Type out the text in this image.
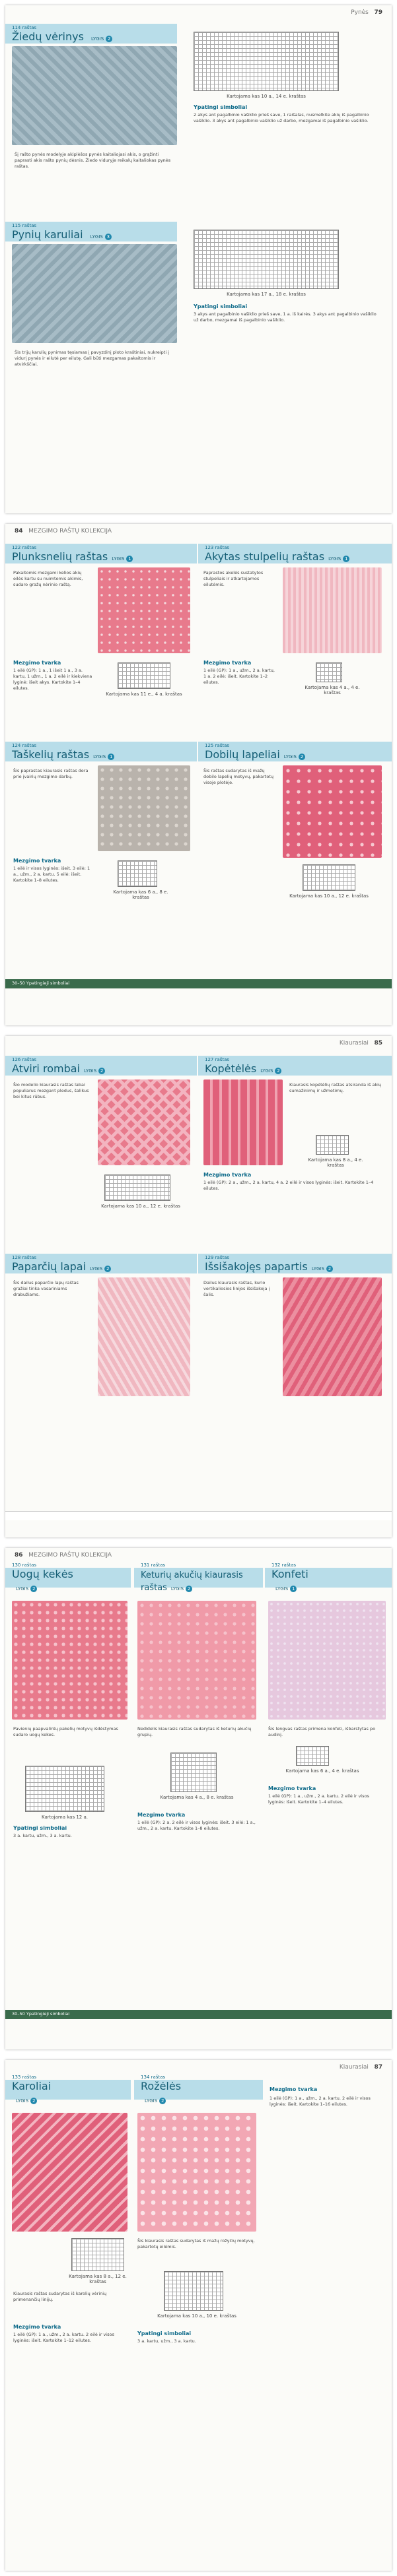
Pynės 79
114 raštas
Žiedų vėrinys LYGIS 2
Kartojama kas 10 a., 14 e. kraštas
Šį rašto pynės modelyje akiplėšos pynės kaitaliojasi akis, o grąžinti paprasti akis rašto pynių dėsnis. Žiedo viduryje reikalų kaitaliokas pynės raštas.
Ypatingi simboliai
2 akys ant pagalbinio vašiklio prieš save, 1 raišalas, nusmelkite akių iš pagalbinio vašiklio. 3 akys ant pagalbinio vašiklio už darbo, mezgamai iš pagalbinio vašiklio.
115 raštas
Pynių karuliai LYGIS 3
Kartojama kas 17 a., 18 e. kraštas
Ypatingi simboliai
3 akys ant pagalbinio vašiklio prieš save, 1 a. iš kairės. 3 akys ant pagalbinio vašiklio už darbo, mezgamai iš pagalbinio vašiklio.
Šis trijų karulių pynimas tęsiamas į pavyzdinį ploto kraštiniai, nukreipti į vidurį pynės ir eilutė per eilutę. Gali būti mezgamas pakaitomis ir atvirkščiai.
84 MEZGIMO RAŠTŲ KOLEKCIJA
122 raštas
Plunksnelių raštas LYGIS 1
Pakaitomis mezgami kelios akių eilės kartu su nuimtomis akimis, sudaro gražų nėrinio raštą.
Mezgimo tvarka
1 eilė (GP): 1 a., 1 išeit 1 a., 3 a. kartu, 1 užm., 1 a. 2 eilė ir kiekviena lyginė: išeit akys. Kartokite 1–4 eilutes.
Kartojama kas 11 e., 4 a. kraštas
123 raštas
Akytas stulpelių raštas LYGIS 1
Paprastos akelės sustatytos stulpeliais ir atkartojamos eilutėmis.
Mezgimo tvarka
1 eilė (GP): 1 a., užm., 2 a. kartu, 1 a. 2 eilė: išeit. Kartokite 1–2 eilutes.
Kartojama kas 4 a., 4 e. kraštas
124 raštas
Taškelių raštas LYGIS 1
Šis paprastas kiaurasis raštas dera prie įvairių mezgimo darbų.
Mezgimo tvarka
1 eilė ir visos lyginės: išeit. 3 eilė: 1 a., užm., 2 a. kartu. 5 eilė: išeit. Kartokite 1–8 eilutes.
Kartojama kas 6 a., 8 e. kraštas
125 raštas
Dobilų lapeliai LYGIS 2
Šis raštas sudarytas iš mažų dobilo lapelių motyvų, pakartotų visoje plotėje.
Kartojama kas 10 a., 12 e. kraštas
30–50 Ypatingieji simboliai
Kiaurasiai 85
126 raštas
Atviri rombai LYGIS 2
Šio modelio kiaurasis raštas labai populiarus mezgant pledus, šalikus bei kitus rūbus.
Kartojama kas 10 a., 12 e. kraštas
127 raštas
Kopėtėlės LYGIS 2
Kiaurasis kopėtėlių raštas atsiranda iš akių sumažinimų ir užmetimų.
Kartojama kas 8 a., 4 e. kraštas
Mezgimo tvarka
1 eilė (GP): 2 a., užm., 2 a. kartu, 4 a. 2 eilė ir visos lyginės: išeit. Kartokite 1–4 eilutes.
128 raštas
Paparčių lapai LYGIS 2
Šis dailus paparčio lapų raštas gražiai tinka vasariniams drabužiams.
129 raštas
Išsišakojęs papartis LYGIS 2
Dailus kiaurasis raštas, kurio vertikaliosios linijos išsišakoja į šalis.
86 MEZGIMO RAŠTŲ KOLEKCIJA
130 raštas
Uogų kekės
LYGIS 2
Pavienių paapvalintų pakelių motyvų išdėstymas sudaro uogų kekes.
Kartojama kas 12 a.
Ypatingi simboliai
3 a. kartu, užm., 3 a. kartu.
131 raštas
Keturių akučių kiaurasis raštas LYGIS 2
Nedidelis kiaurasis raštas sudarytas iš keturių akučių grupių.
Kartojama kas 4 a., 8 e. kraštas
Mezgimo tvarka
1 eilė (GP): 2 a. 2 eilė ir visos lyginės: išeit. 3 eilė: 1 a., užm., 2 a. kartu. Kartokite 1–8 eilutes.
132 raštas
Konfeti
LYGIS 1
Šis lengvas raštas primena konfeti, išbarstytas po audinį.
Kartojama kas 6 a., 4 e. kraštas
Mezgimo tvarka
1 eilė (GP): 1 a., užm., 2 a. kartu. 2 eilė ir visos lyginės: išeit. Kartokite 1–4 eilutes.
30–50 Ypatingieji simboliai
Kiaurasiai 87
133 raštas
Karoliai
LYGIS 2
Kartojama kas 8 a., 12 e. kraštas
Kiaurasis raštas sudarytas iš karolių vėrinių primenančių linijų.
Mezgimo tvarka
1 eilė (GP): 1 a., užm., 2 a. kartu. 2 eilė ir visos lyginės: išeit. Kartokite 1–12 eilutes.
134 raštas
Rožėlės
LYGIS 2
Šis kiaurasis raštas sudarytas iš mažų rožyčių motyvų, pakartotų eilėmis.
Kartojama kas 10 a., 10 e. kraštas
Ypatingi simboliai
3 a. kartu, užm., 3 a. kartu.
Mezgimo tvarka
1 eilė (GP): 1 a., užm., 2 a. kartu. 2 eilė ir visos lyginės: išeit. Kartokite 1–16 eilutes.
